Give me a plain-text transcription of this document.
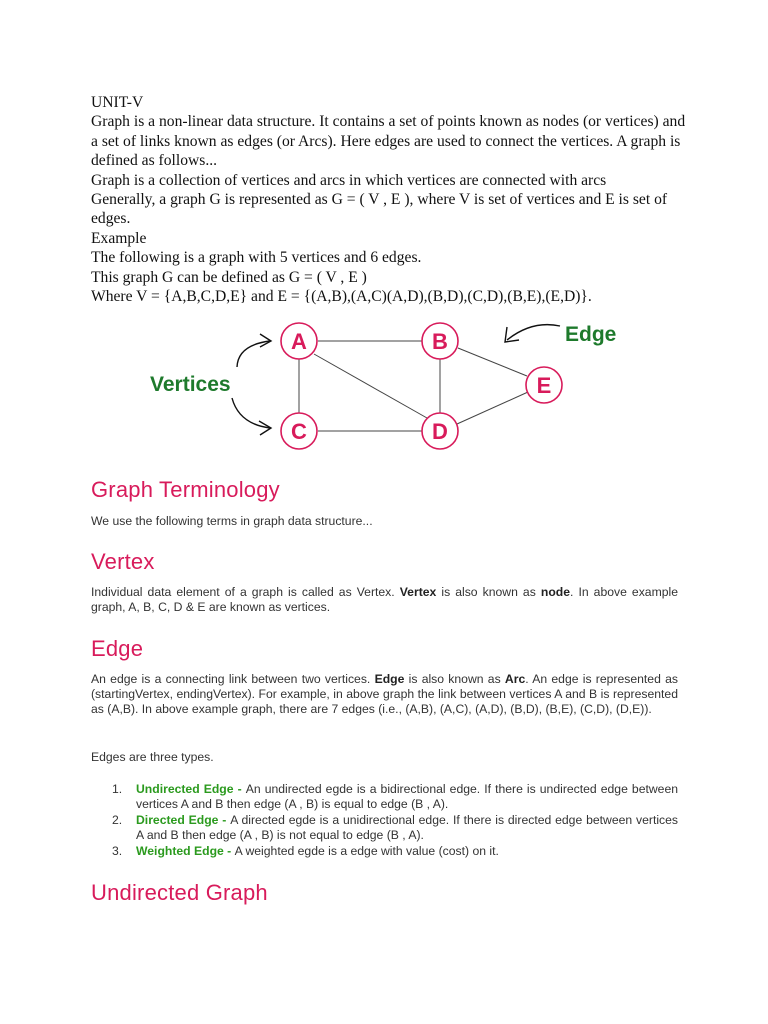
UNIT-V

Graph is a non-linear data structure. It contains a set of points known as nodes (or vertices) and a set of links known as edges (or Arcs). Here edges are used to connect the vertices. A graph is defined as follows...

Graph is a collection of vertices and arcs in which vertices are connected with arcs

Generally, a graph G is represented as G = ( V , E ), where V is set of vertices and E is set of edges.

Example

The following is a graph with 5 vertices and 6 edges.

This graph G can be defined as G = ( V , E )

Where V = {A,B,C,D,E} and E = {(A,B),(A,C)(A,D),(B,D),(C,D),(B,E),(E,D)}.

A	B
C	D
E
Vertices
Edge
Graph Terminology

We use the following terms in graph data structure...

Vertex

Individual data element of a graph is called as Vertex. Vertex is also known as node. In above example graph, A, B, C, D & E are known as vertices.

Edge

An edge is a connecting link between two vertices. Edge is also known as Arc. An edge is represented as (startingVertex, endingVertex). For example, in above graph the link between vertices A and B is represented as (A,B). In above example graph, there are 7 edges (i.e., (A,B), (A,C), (A,D), (B,D), (B,E), (C,D), (D,E)).

Edges are three types.

1. Undirected Edge - An undirected egde is a bidirectional edge. If there is undirected edge between vertices A and B then edge (A , B) is equal to edge (B , A).
2. Directed Edge - A directed egde is a unidirectional edge. If there is directed edge between vertices A and B then edge (A , B) is not equal to edge (B , A).
3. Weighted Edge - A weighted egde is a edge with value (cost) on it.
Undirected Graph
